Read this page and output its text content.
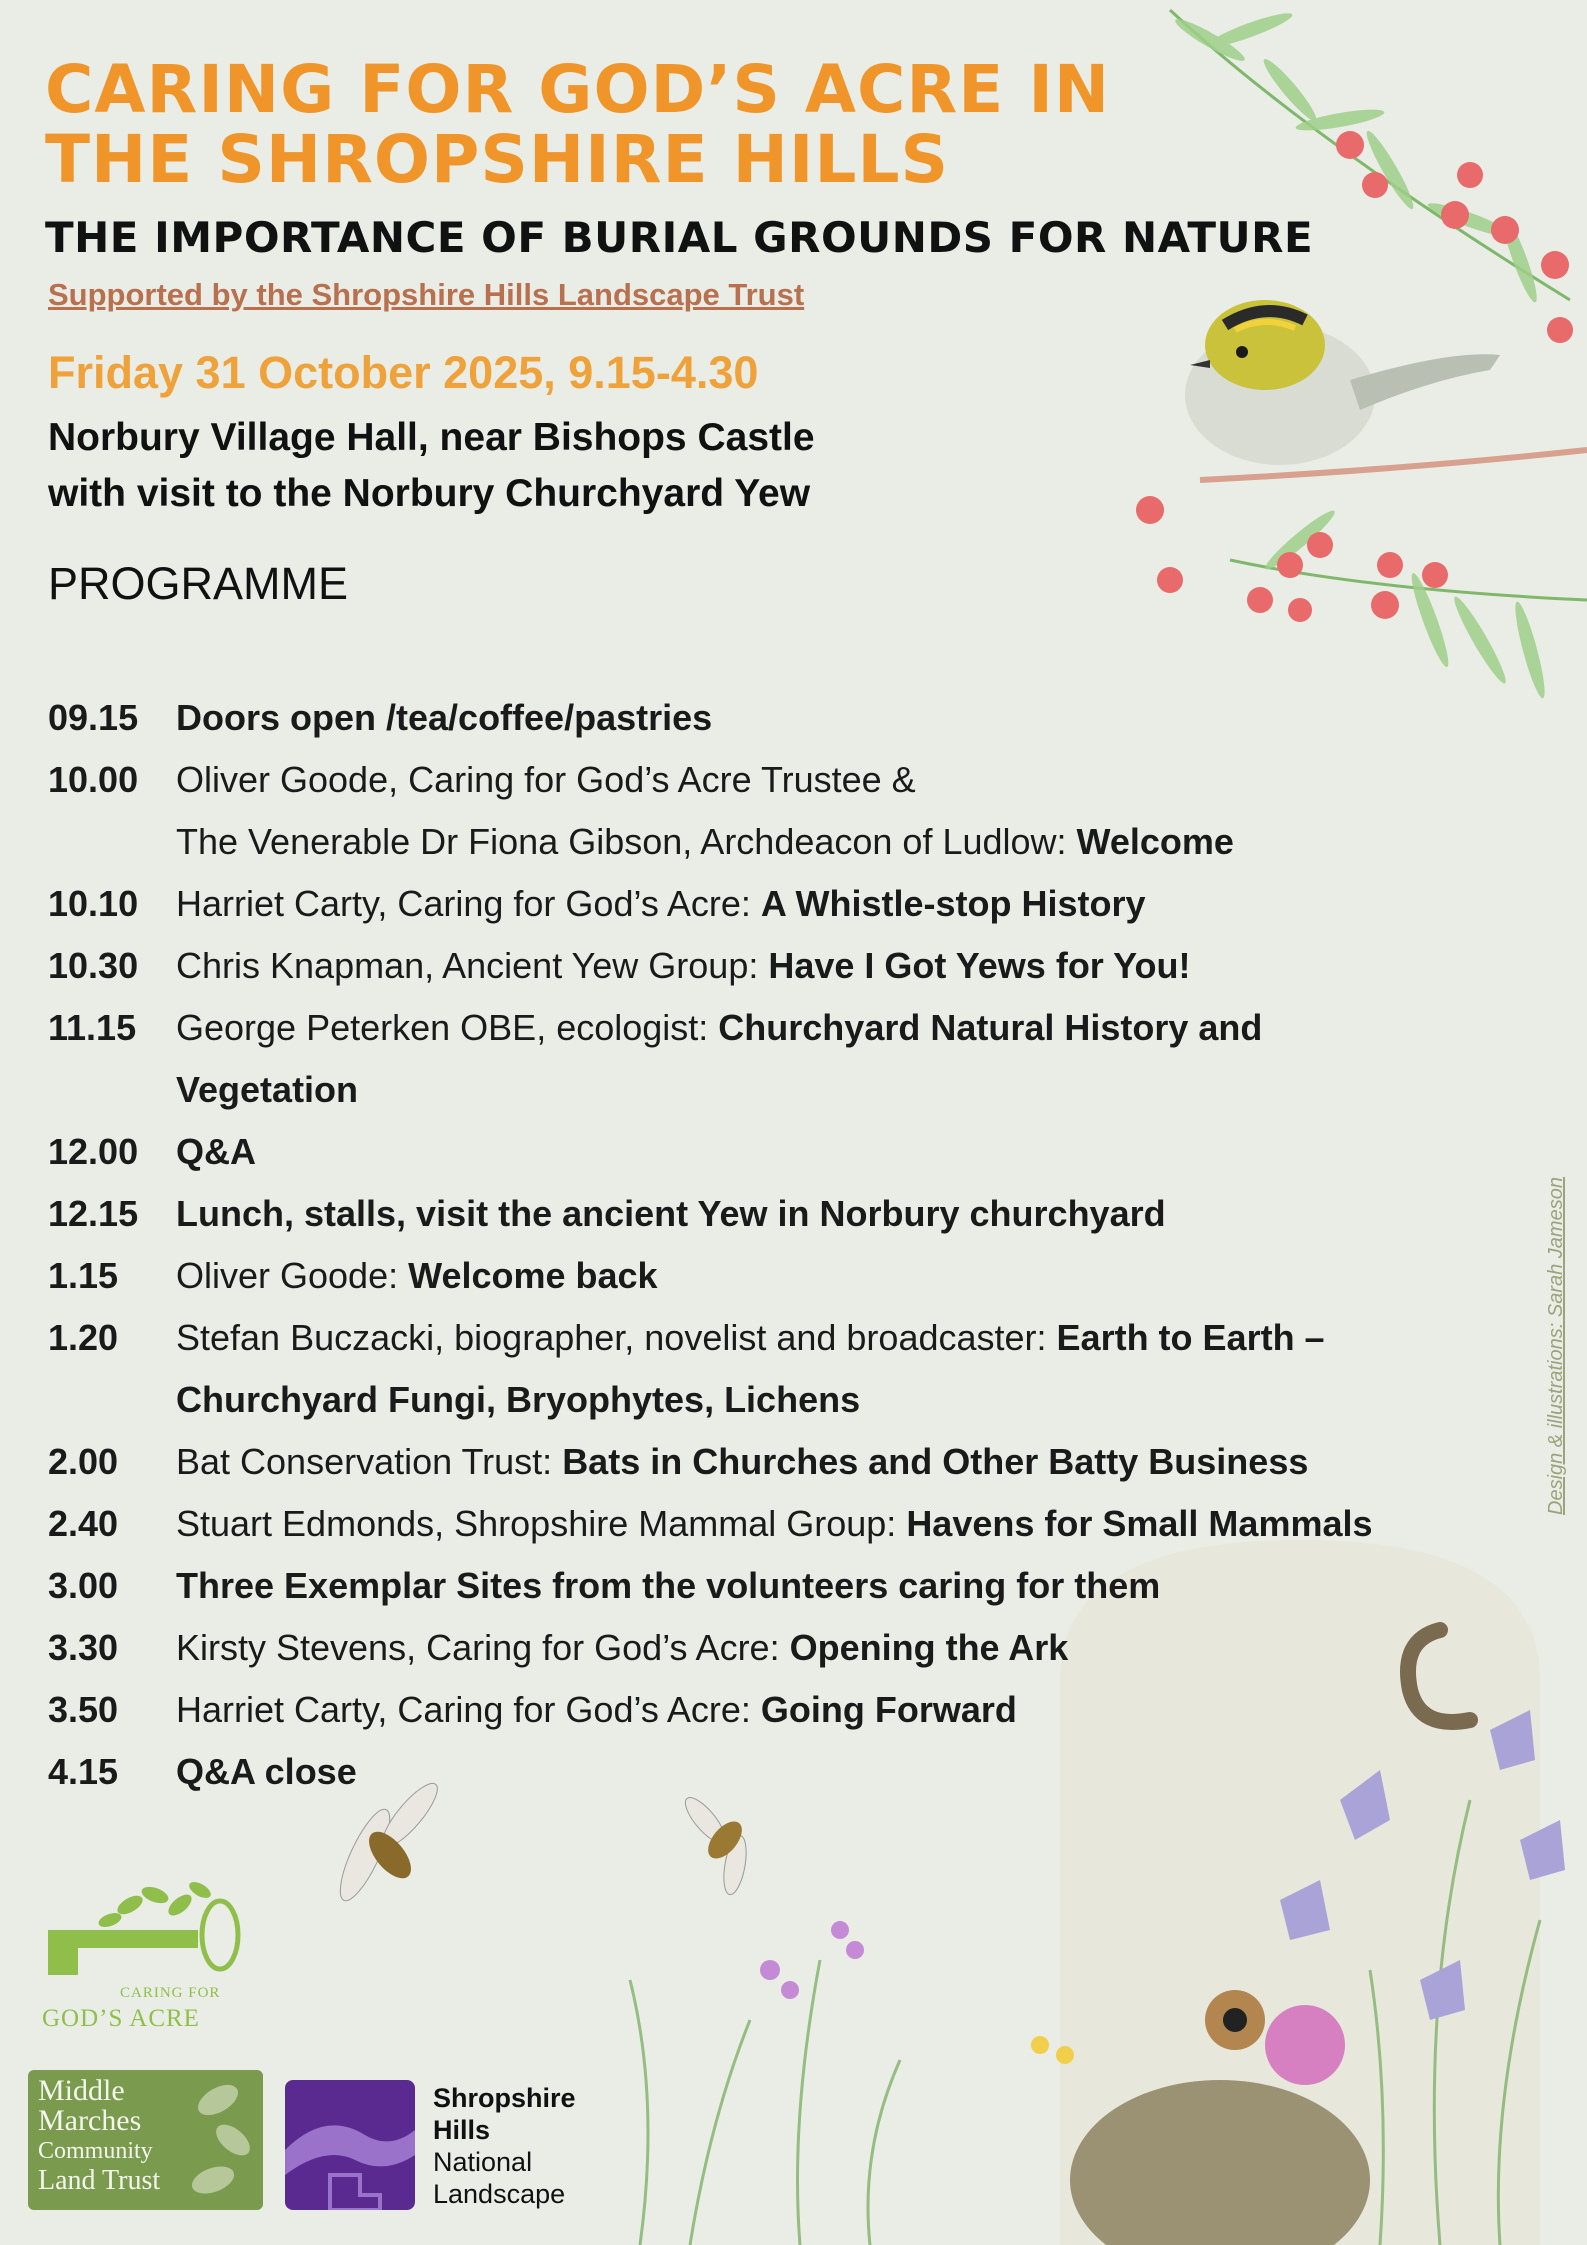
CARING FOR GOD’S ACRE IN
THE SHROPSHIRE HILLS
THE IMPORTANCE OF BURIAL GROUNDS FOR NATURE
Supported by the Shropshire Hills Landscape Trust
Friday 31 October 2025, 9.15-4.30
Norbury Village Hall, near Bishops Castle
with visit to the Norbury Churchyard Yew
PROGRAMME
09.15	Doors open /tea/coffee/pastries
10.00	Oliver Goode, Caring for God’s Acre Trustee &
The Venerable Dr Fiona Gibson, Archdeacon of Ludlow: Welcome
10.10	Harriet Carty, Caring for God’s Acre: A Whistle-stop History
10.30	Chris Knapman, Ancient Yew Group: Have I Got Yews for You!
11.15	George Peterken OBE, ecologist: Churchyard Natural History and
Vegetation
12.00	Q&A
12.15	Lunch, stalls, visit the ancient Yew in Norbury churchyard
1.15	Oliver Goode: Welcome back
1.20	Stefan Buczacki, biographer, novelist and broadcaster: Earth to Earth –
Churchyard Fungi, Bryophytes, Lichens
2.00	Bat Conservation Trust: Bats in Churches and Other Batty Business
2.40	Stuart Edmonds, Shropshire Mammal Group: Havens for Small Mammals
3.00	Three Exemplar Sites from the volunteers caring for them
3.30	Kirsty Stevens, Caring for God’s Acre: Opening the Ark
3.50	Harriet Carty, Caring for God’s Acre: Going Forward
4.15	Q&A close
Design & illustrations: Sarah Jameson
CARING FOR
GOD’S ACRE
Middle
Marches
Community
Land Trust
Shropshire
Hills
National
Landscape
